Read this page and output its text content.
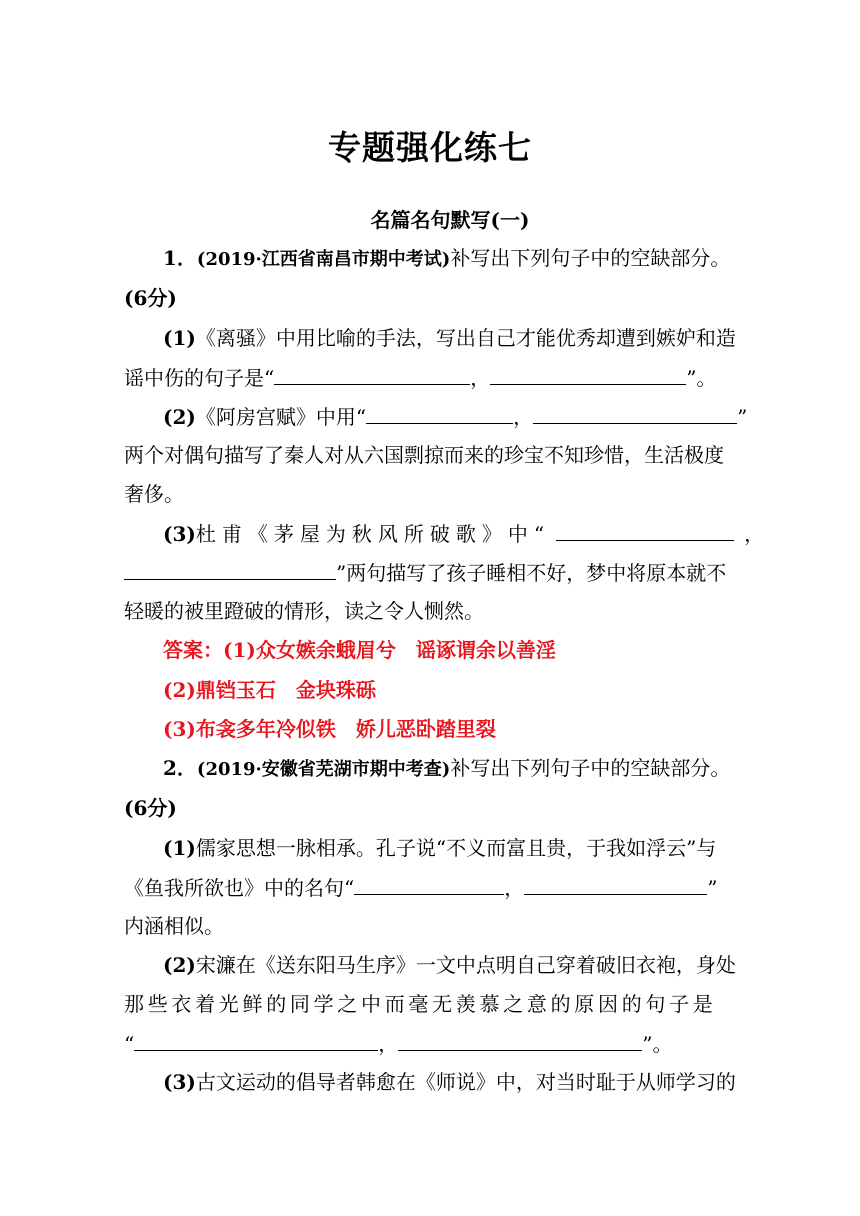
专题强化练七
名篇名句默写(一)
1．(2019·江西省南昌市期中考试)补写出下列句子中的空缺部分。
(6分)
(1)《离骚》中用比喻的手法，写出自己才能优秀却遭到嫉妒和造
谣中伤的句子是“	，	”。
(2)《阿房宫赋》中用“	，	”
两个对偶句描写了秦人对从六国剽掠而来的珍宝不知珍惜，生活极度
奢侈。
(3)杜甫《茅屋为秋风所破歌》中“	，
”两句描写了孩子睡相不好，梦中将原本就不
轻暖的被里蹬破的情形，读之令人恻然。
答案：(1)众女嫉余蛾眉兮　谣诼谓余以善淫
(2)鼎铛玉石　金块珠砾
(3)布衾多年冷似铁　娇儿恶卧踏里裂
2．(2019·安徽省芜湖市期中考查)补写出下列句子中的空缺部分。
(6分)
(1)儒家思想一脉相承。孔子说“不义而富且贵，于我如浮云”与
《鱼我所欲也》中的名句“	，	”
内涵相似。
(2)宋濂在《送东阳马生序》一文中点明自己穿着破旧衣袍，身处
那些衣着光鲜的同学之中而毫无羡慕之意的原因的句子是
“	，	”。
(3)古文运动的倡导者韩愈在《师说》中，对当时耻于从师学习的
